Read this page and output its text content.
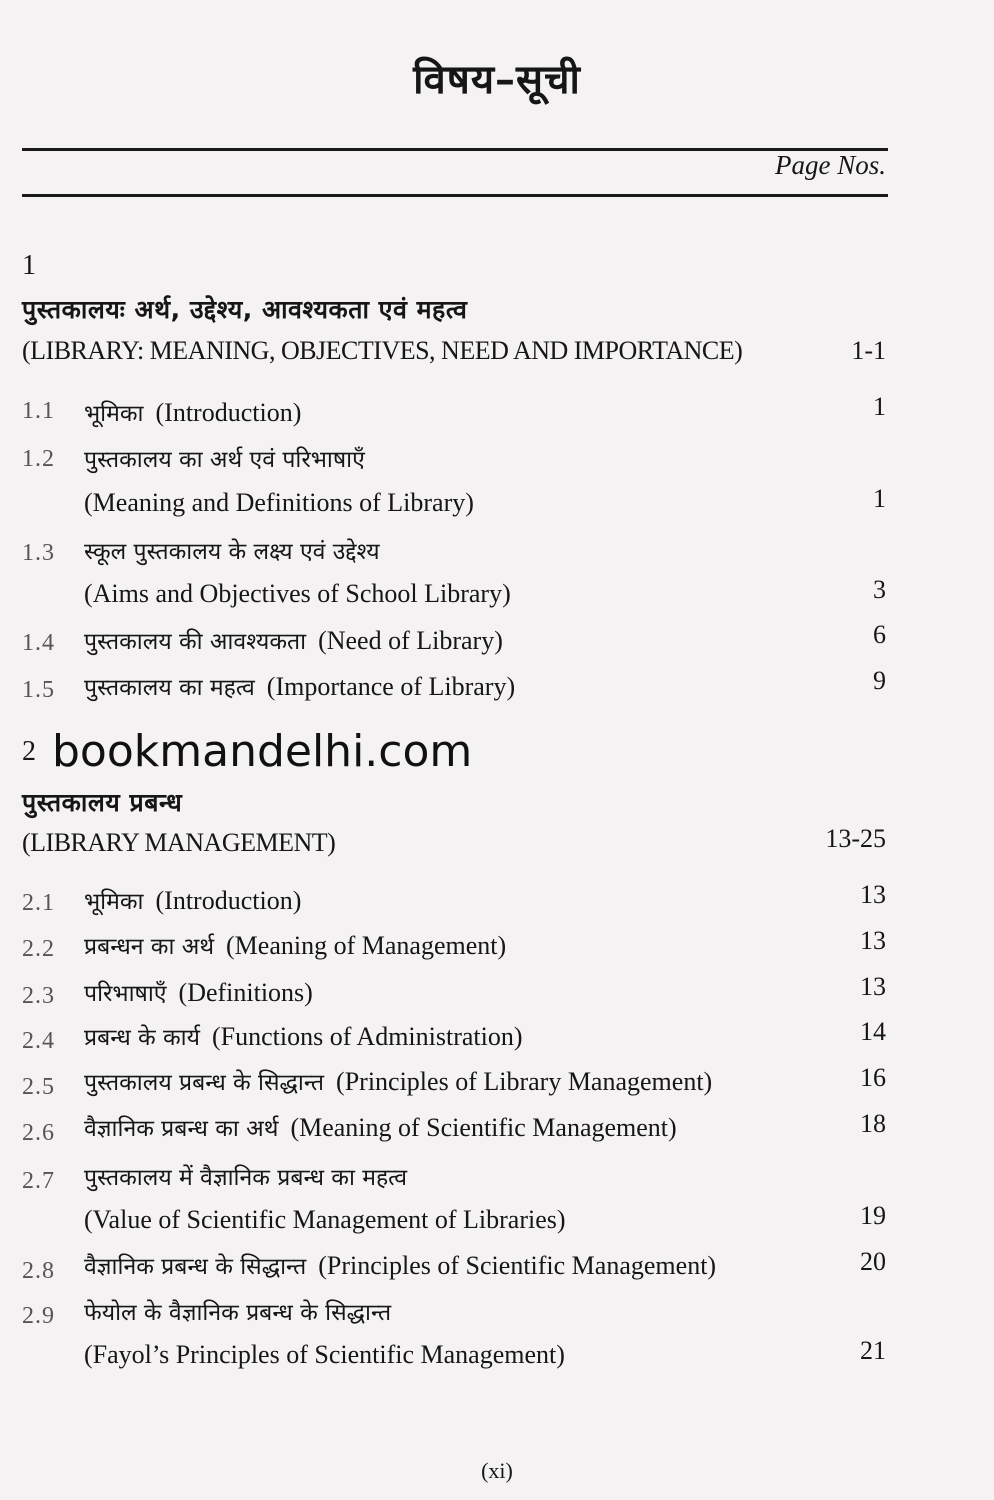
विषय–सूची
Page Nos.
1
पुस्तकालयः अर्थ, उद्देश्य, आवश्यकता एवं महत्व
(LIBRARY: MEANING, OBJECTIVES, NEED AND IMPORTANCE)	1-1
1.1 भूमिका (Introduction)	1
1.2 पुस्तकालय का अर्थ एवं परिभाषाएँ
(Meaning and Definitions of Library)	1
1.3 स्कूल पुस्तकालय के लक्ष्य एवं उद्देश्य
(Aims and Objectives of School Library)	3
1.4 पुस्तकालय की आवश्यकता (Need of Library)	6
1.5 पुस्तकालय का महत्व (Importance of Library)	9
2 bookmandelhi.com
पुस्तकालय प्रबन्ध
(LIBRARY MANAGEMENT)	13-25
2.1 भूमिका (Introduction)	13
2.2 प्रबन्धन का अर्थ (Meaning of Management)	13
2.3 परिभाषाएँ (Definitions)	13
2.4 प्रबन्ध के कार्य (Functions of Administration)	14
2.5 पुस्तकालय प्रबन्ध के सिद्धान्त (Principles of Library Management)	16
2.6 वैज्ञानिक प्रबन्ध का अर्थ (Meaning of Scientific Management)	18
2.7 पुस्तकालय में वैज्ञानिक प्रबन्ध का महत्व
(Value of Scientific Management of Libraries)	19
2.8 वैज्ञानिक प्रबन्ध के सिद्धान्त (Principles of Scientific Management)	20
2.9 फेयोल के वैज्ञानिक प्रबन्ध के सिद्धान्त
(Fayol’s Principles of Scientific Management)	21
(xi)
